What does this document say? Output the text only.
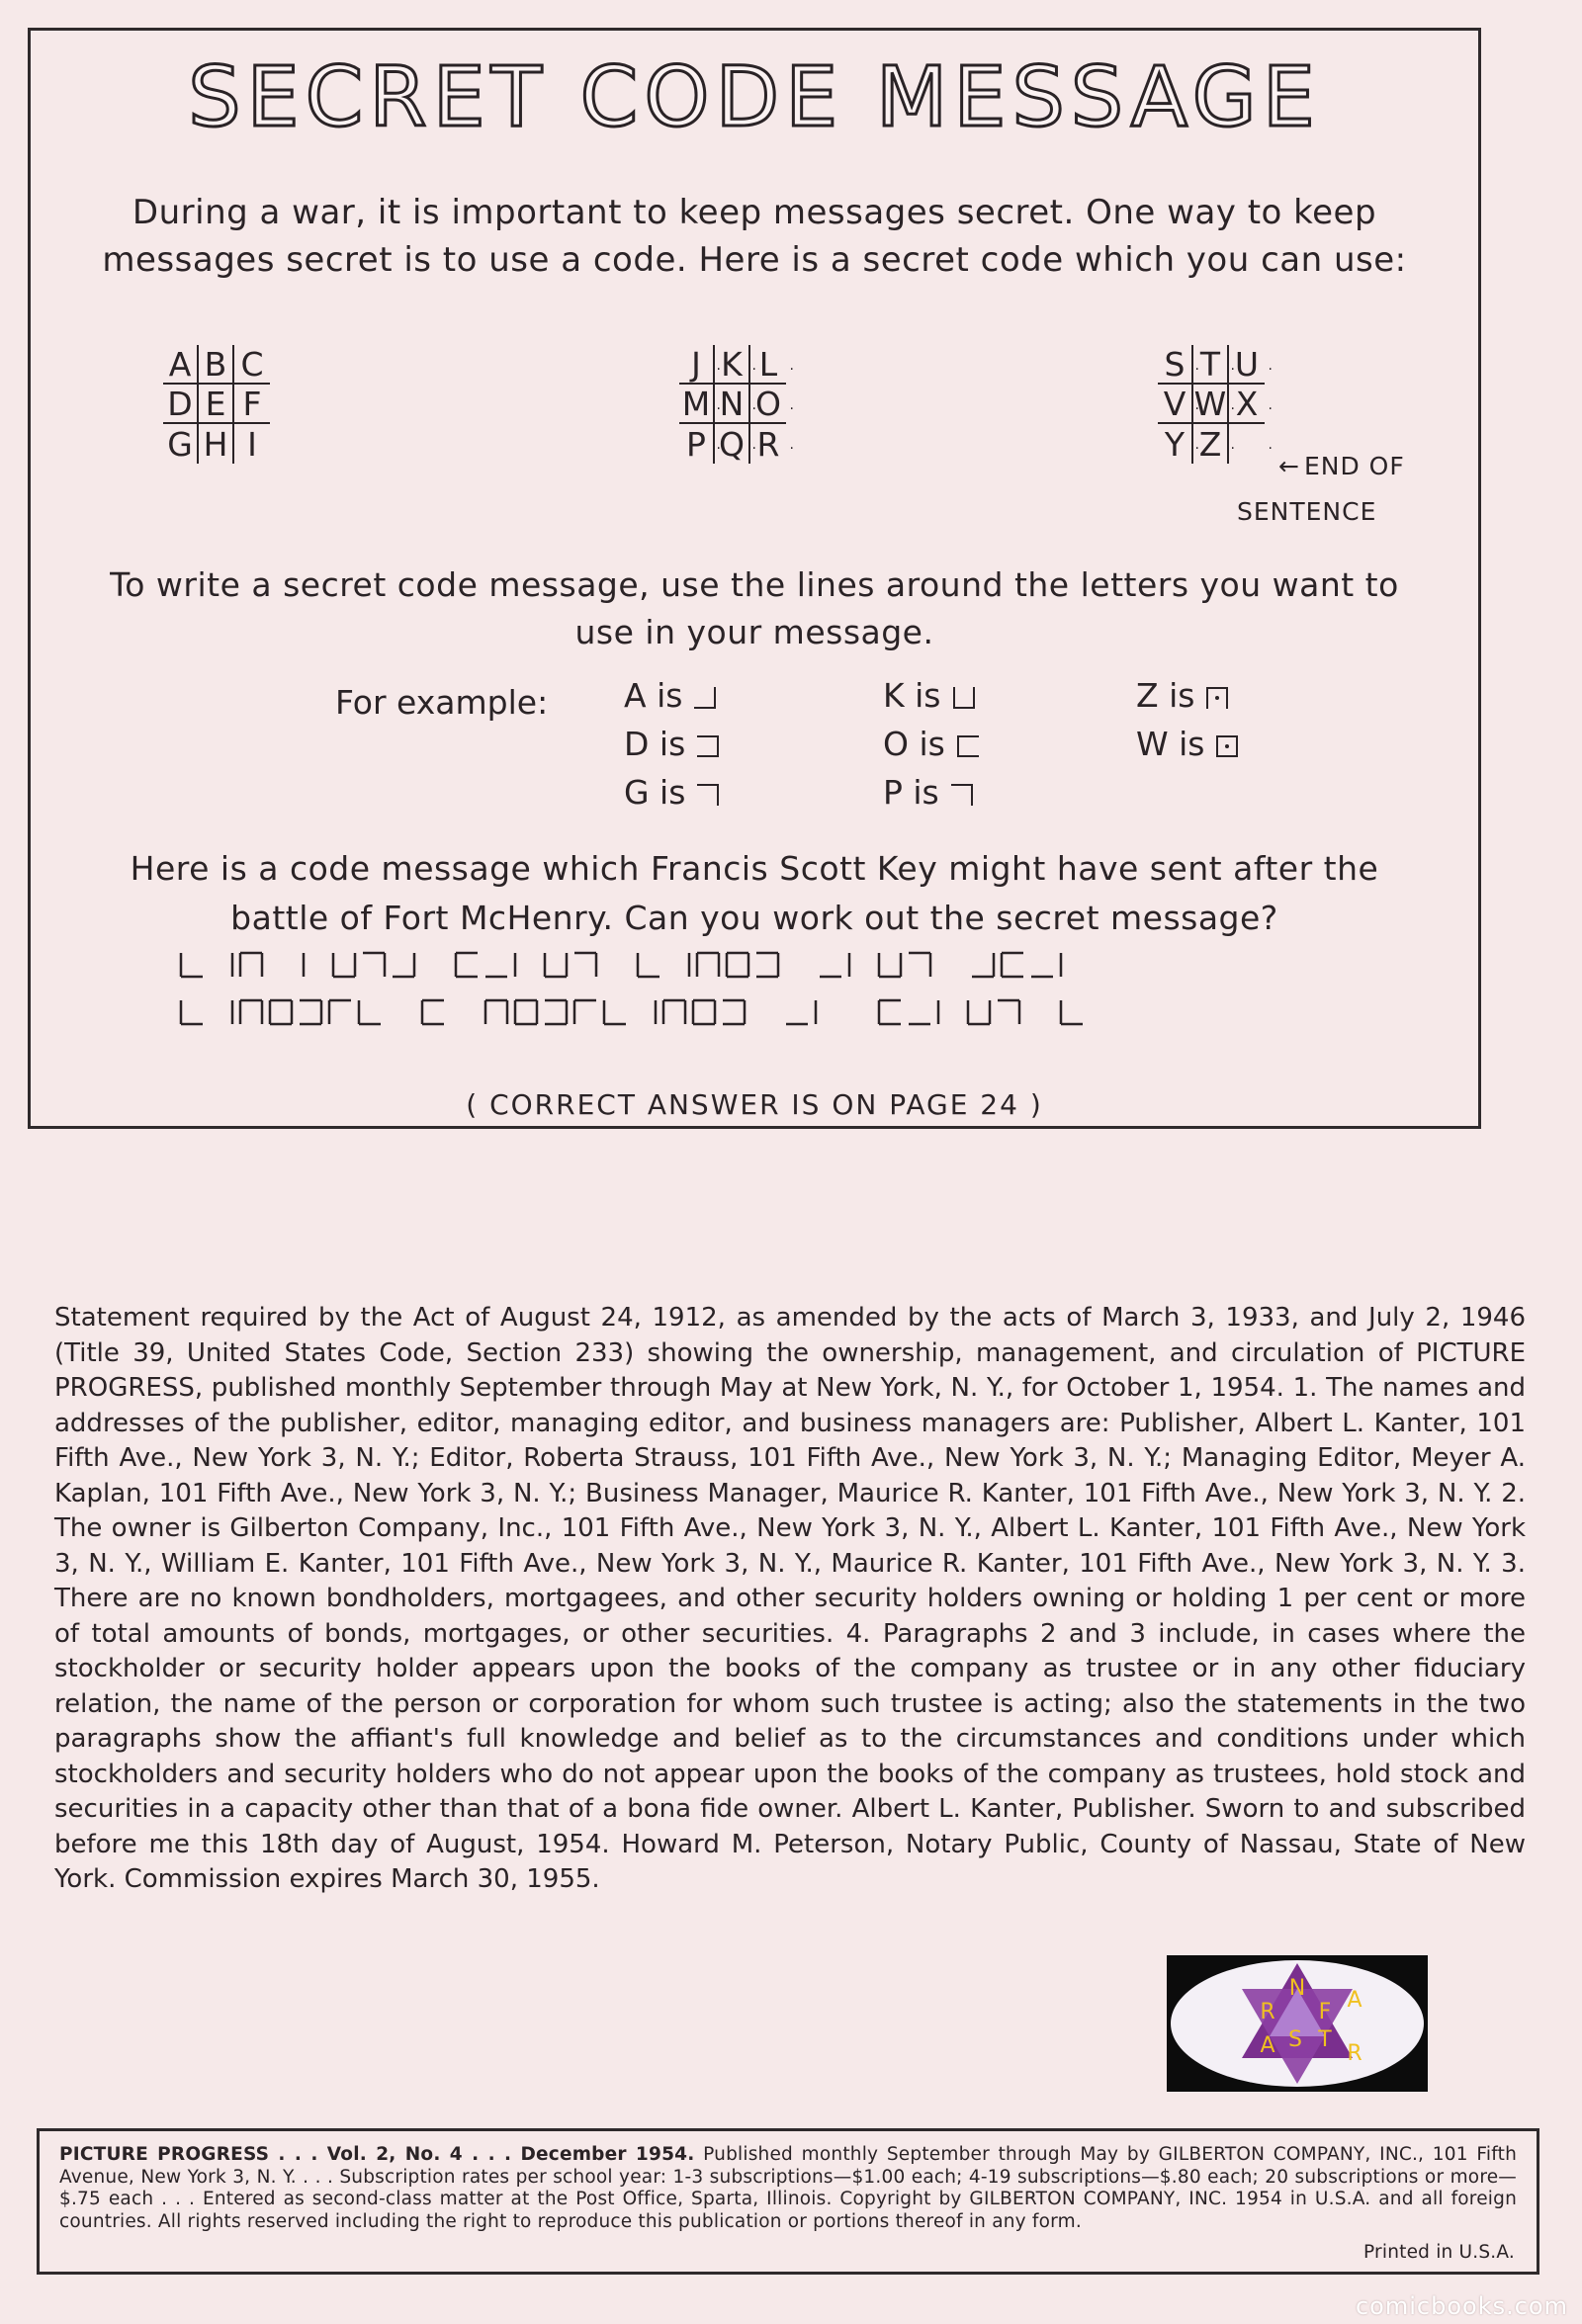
SECRET CODE MESSAGE
During a war, it is important to keep messages secret. One way to keep messages secret is to use a code. Here is a secret code which you can use:
A B C
D E F
G H I
J · K · L ·
M · N · O ·
P · Q · R ·
S · T · U ·
V · W · X ·
Y · Z ·
·
← END OF
SENTENCE
To write a secret code message, use the lines around the letters you want to use in your message.
For example: A is
D is
G is
K is
O is
P is
Z is
W is
Here is a code message which Francis Scott Key might have sent after the battle of Fort McHenry. Can you work out the secret message?
( CORRECT ANSWER IS ON PAGE 24 )
Statement required by the Act of August 24, 1912, as amended by the acts of March 3, 1933, and July 2, 1946 (Title 39, United States Code, Section 233) showing the ownership, management, and circulation of PICTURE PROGRESS, published monthly September through May at New York, N. Y., for October 1, 1954. 1. The names and addresses of the publisher, editor, managing editor, and business managers are: Publisher, Albert L. Kanter, 101 Fifth Ave., New York 3, N. Y.; Editor, Roberta Strauss, 101 Fifth Ave., New York 3, N. Y.; Managing Editor, Meyer A. Kaplan, 101 Fifth Ave., New York 3, N. Y.; Business Manager, Maurice R. Kanter, 101 Fifth Ave., New York 3, N. Y. 2. The owner is Gilberton Company, Inc., 101 Fifth Ave., New York 3, N. Y., Albert L. Kanter, 101 Fifth Ave., New York 3, N. Y., William E. Kanter, 101 Fifth Ave., New York 3, N. Y., Maurice R. Kanter, 101 Fifth Ave., New York 3, N. Y. 3. There are no known bondholders, mortgagees, and other security holders owning or holding 1 per cent or more of total amounts of bonds, mortgages, or other securities. 4. Paragraphs 2 and 3 include, in cases where the stockholder or security holder appears upon the books of the company as trustee or in any other fiduciary relation, the name of the person or corporation for whom such trustee is acting; also the statements in the two paragraphs show the affiant's full knowledge and belief as to the circumstances and conditions under which stockholders and security holders who do not appear upon the books of the company as trustees, hold stock and securities in a capacity other than that of a bona fide owner. Albert L. Kanter, Publisher. Sworn to and subscribed before me this 18th day of August, 1954. Howard M. Peterson, Notary Public, County of Nassau, State of New York. Commission expires March 30, 1955.
N A
R F
S T
A	R
PICTURE PROGRESS . . . Vol. 2, No. 4 . . . December 1954. Published monthly September through May by GILBERTON COMPANY, INC., 101 Fifth Avenue, New York 3, N. Y. . . . Subscription rates per school year: 1-3 subscriptions—$1.00 each; 4-19 subscriptions—$.80 each; 20 subscriptions or more—$.75 each . . . Entered as second-class matter at the Post Office, Sparta, Illinois. Copyright by GILBERTON COMPANY, INC. 1954 in U.S.A. and all foreign countries. All rights reserved including the right to reproduce this publication or portions thereof in any form.
Printed in U.S.A.
comicbooks.com
